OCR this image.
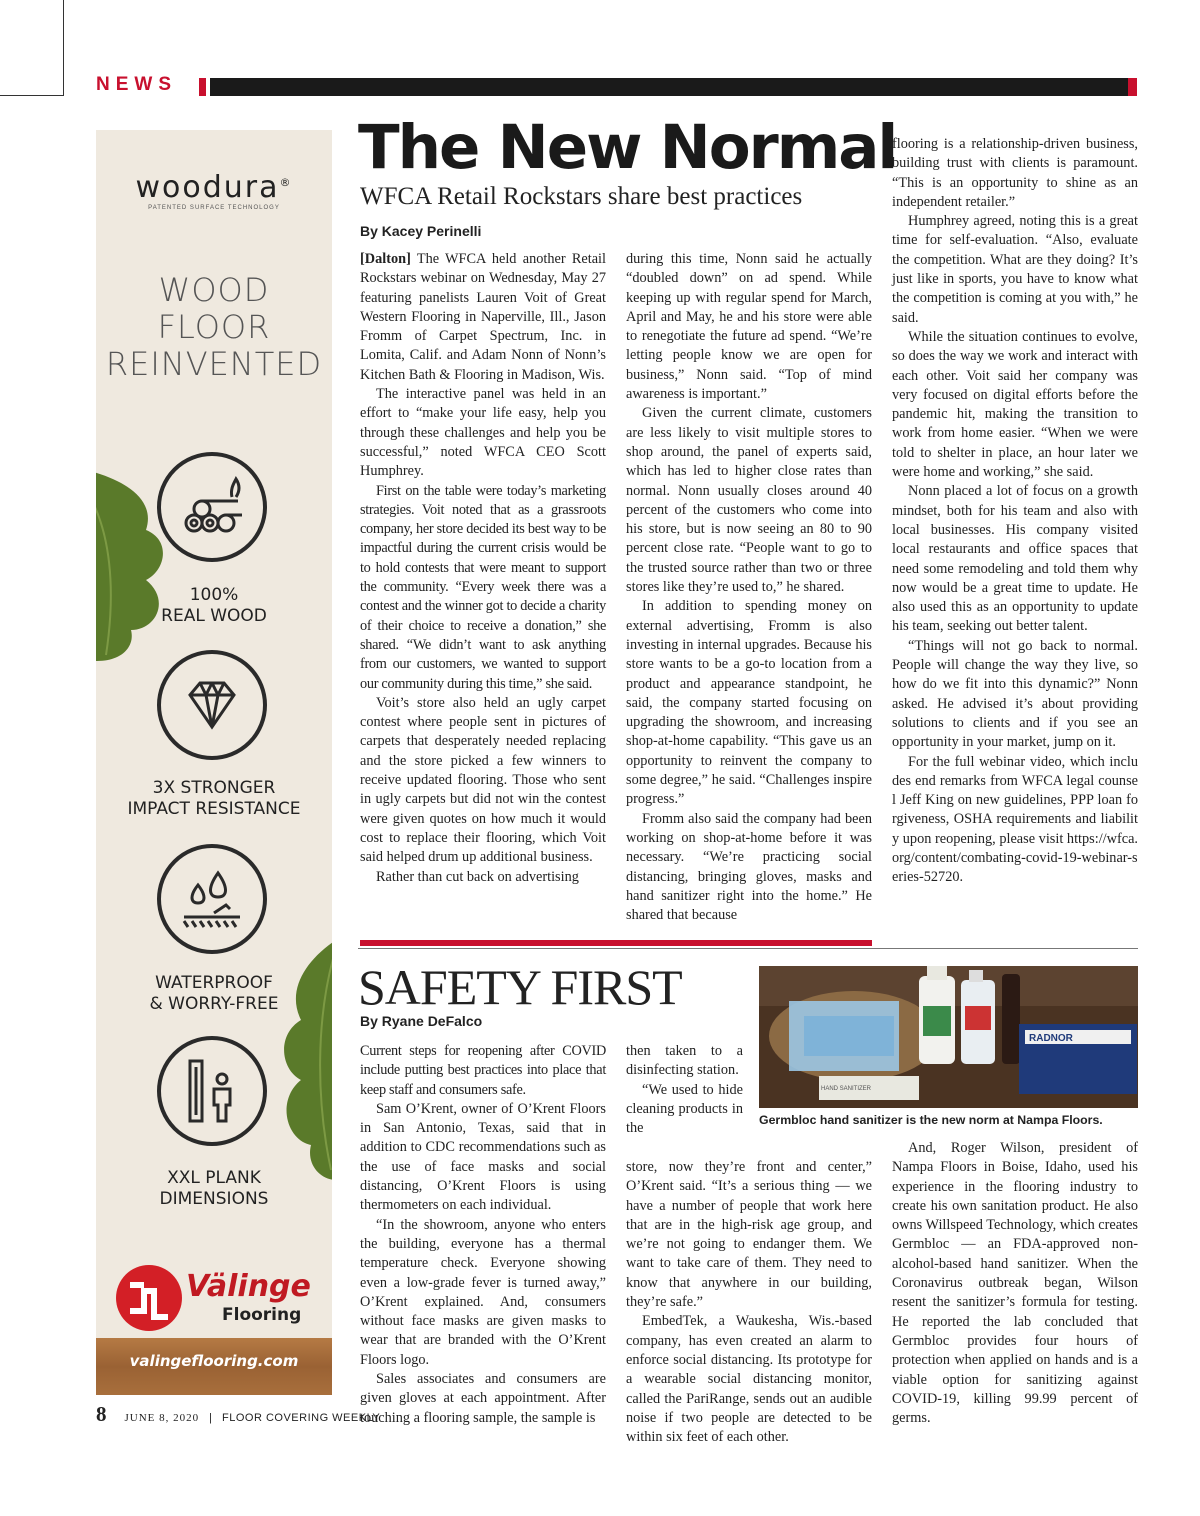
NEWS
woodura®
PATENTED SURFACE TECHNOLOGY
WOOD
FLOOR
REINVENTED
100%
REAL WOOD
3X STRONGER
IMPACT RESISTANCE
WATERPROOF
& WORRY-FREE
XXL PLANK
DIMENSIONS
Välinge
Flooring
valingeflooring.com
The New Normal
WFCA Retail Rockstars share best practices
By Kacey Perinelli

[Dalton] The WFCA held another Retail Rockstars webinar on Wednesday, May 27 featuring panelists Lauren Voit of Great Western Flooring in Naperville, Ill., Jason Fromm of Carpet Spectrum, Inc. in Lomita, Calif. and Adam Nonn of Nonn’s Kitchen Bath & Flooring in Madison, Wis.

The interactive panel was held in an effort to “make your life easy, help you through these challenges and help you be successful,” noted WFCA CEO Scott Humphrey.

First on the table were today’s marketing strategies. Voit noted that as a grassroots company, her store decided its best way to be impactful during the current crisis would be to hold contests that were meant to support the community. “Every week there was a contest and the winner got to decide a charity of their choice to receive a donation,” she shared. “We didn’t want to ask anything from our customers, we wanted to support our community during this time,” she said.

Voit’s store also held an ugly carpet contest where people sent in pictures of carpets that desperately needed replacing and the store picked a few winners to receive updated flooring. Those who sent in ugly carpets but did not win the contest were given quotes on how much it would cost to replace their flooring, which Voit said helped drum up additional business.

Rather than cut back on advertising

during this time, Nonn said he actually “doubled down” on ad spend. While keeping up with regular spend for March, April and May, he and his store were able to renegotiate the future ad spend. “We’re letting people know we are open for business,” Nonn said. “Top of mind awareness is important.”

Given the current climate, customers are less likely to visit multiple stores to shop around, the panel of experts said, which has led to higher close rates than normal. Nonn usually closes around 40 percent of the customers who come into his store, but is now seeing an 80 to 90 percent close rate. “People want to go to the trusted source rather than two or three stores like they’re used to,” he shared.

In addition to spending money on external advertising, Fromm is also investing in internal upgrades. Because his store wants to be a go-to location from a product and appearance standpoint, he said, the company started focusing on upgrading the showroom, and increasing shop-at-home capability. “This gave us an opportunity to reinvent the company to some degree,” he said. “Challenges inspire progress.”

Fromm also said the company had been working on shop-at-home before it was necessary. “We’re practicing social distancing, bringing gloves, masks and hand sanitizer right into the home.” He shared that because

flooring is a relationship-driven business, building trust with clients is paramount. “This is an opportunity to shine as an independent retailer.”

Humphrey agreed, noting this is a great time for self-evaluation. “Also, evaluate the competition. What are they doing? It’s just like in sports, you have to know what the competition is coming at you with,” he said.

While the situation continues to evolve, so does the way we work and interact with each other. Voit said her company was very focused on digital efforts before the pandemic hit, making the transition to work from home easier. “When we were told to shelter in place, an hour later we were home and working,” she said.

Nonn placed a lot of focus on a growth mindset, both for his team and also with local businesses. His company visited local restaurants and office spaces that need some remodeling and told them why now would be a great time to update. He also used this as an opportunity to update his team, seeking out better talent.

“Things will not go back to normal. People will change the way they live, so how do we fit into this dynamic?” Nonn asked. He advised it’s about providing solutions to clients and if you see an opportunity in your market, jump on it.

For the full webinar video, which includes end remarks from WFCA legal counsel Jeff King on new guidelines, PPP loan forgiveness, OSHA requirements and liability upon reopening, please visit https://wfca.org/content/combating-covid-19-webinar-series-52720.

SAFETY FIRST
By Ryane DeFalco
RADNOR
HAND SANITIZER
Germbloc hand sanitizer is the new norm at Nampa Floors.

Current steps for reopening after COVID include putting best practices into place that keep staff and consumers safe.

Sam O’Krent, owner of O’Krent Floors in San Antonio, Texas, said that in addition to CDC recommendations such as the use of face masks and social distancing, O’Krent Floors is using thermometers on each individual.

“In the showroom, anyone who enters the building, everyone has a thermal temperature check. Everyone showing even a low-grade fever is turned away,” O’Krent explained. And, consumers without face masks are given masks to wear that are branded with the O’Krent Floors logo.

Sales associates and consumers are given gloves at each appointment. After touching a flooring sample, the sample is

then taken to a disinfecting station.

“We used to hide cleaning products in the

store, now they’re front and center,” O’Krent said. “It’s a serious thing — we have a number of people that work here that are in the high-risk age group, and we’re not going to endanger them. We want to take care of them. They need to know that anywhere in our building, they’re safe.”

EmbedTek, a Waukesha, Wis.-based company, has even created an alarm to enforce social distancing. Its prototype for a wearable social distancing monitor, called the PariRange, sends out an audible noise if two people are detected to be within six feet of each other.

And, Roger Wilson, president of Nampa Floors in Boise, Idaho, used his experience in the flooring industry to create his own sanitation product. He also owns Willspeed Technology, which creates Germbloc — an FDA-approved non-alcohol-based hand sanitizer. When the Coronavirus outbreak began, Wilson resent the sanitizer’s formula for testing. He reported the lab concluded that Germbloc provides four hours of protection when applied on hands and is a viable option for sanitizing against COVID-19, killing 99.99 percent of germs.

8 JUNE 8, 2020 | FLOOR COVERING WEEKLY
